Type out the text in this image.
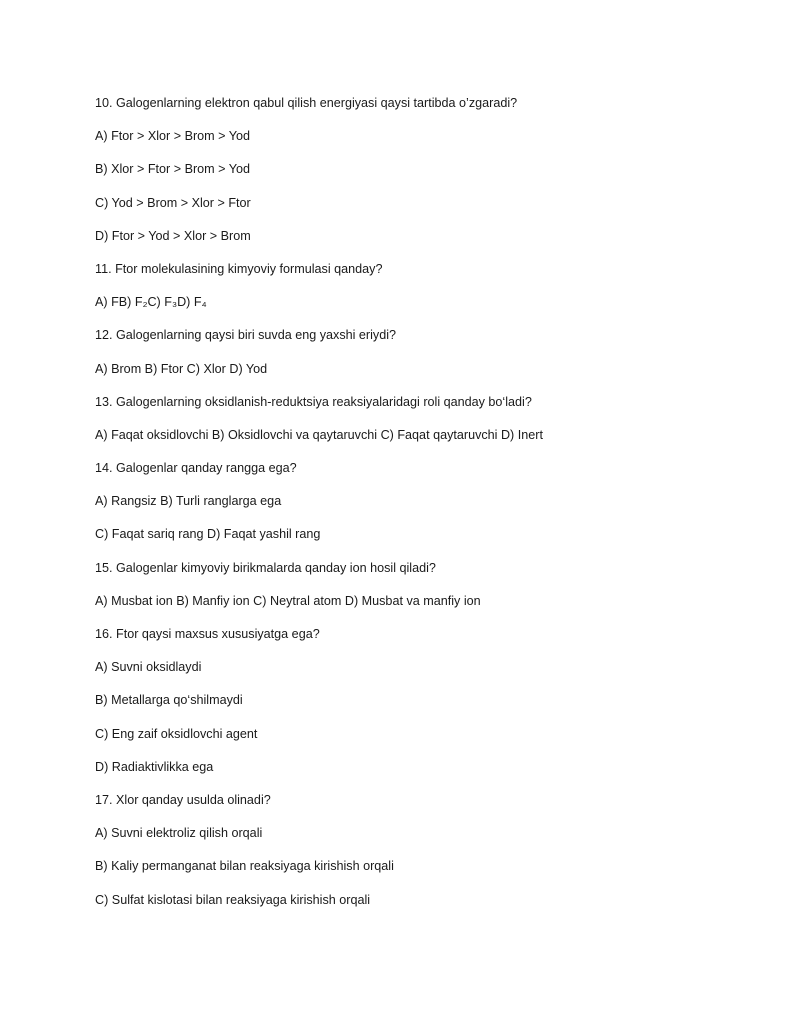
10. Galogenlarning elektron qabul qilish energiyasi qaysi tartibda o’zgaradi?
A) Ftor > Xlor > Brom > Yod
B) Xlor > Ftor > Brom > Yod
C) Yod > Brom > Xlor > Ftor
D) Ftor > Yod > Xlor > Brom
11. Ftor molekulasining kimyoviy formulasi qanday?
A) FB) F₂C) F₃D) F₄
12. Galogenlarning qaysi biri suvda eng yaxshi eriydi?
A) Brom B) Ftor C) Xlor D) Yod
13. Galogenlarning oksidlanish-reduktsiya reaksiyalaridagi roli qanday bo‘ladi?
A) Faqat oksidlovchi B) Oksidlovchi va qaytaruvchi C) Faqat qaytaruvchi D) Inert
14. Galogenlar qanday rangga ega?
A) Rangsiz B) Turli ranglarga ega
C) Faqat sariq rang D) Faqat yashil rang
15. Galogenlar kimyoviy birikmalarda qanday ion hosil qiladi?
A) Musbat ion B) Manfiy ion C) Neytral atom D) Musbat va manfiy ion
16. Ftor qaysi maxsus xususiyatga ega?
A) Suvni oksidlaydi
B) Metallarga qo‘shilmaydi
C) Eng zaif oksidlovchi agent
D) Radiaktivlikka ega
17. Xlor qanday usulda olinadi?
A) Suvni elektroliz qilish orqali
B) Kaliy permanganat bilan reaksiyaga kirishish orqali
C) Sulfat kislotasi bilan reaksiyaga kirishish orqali
